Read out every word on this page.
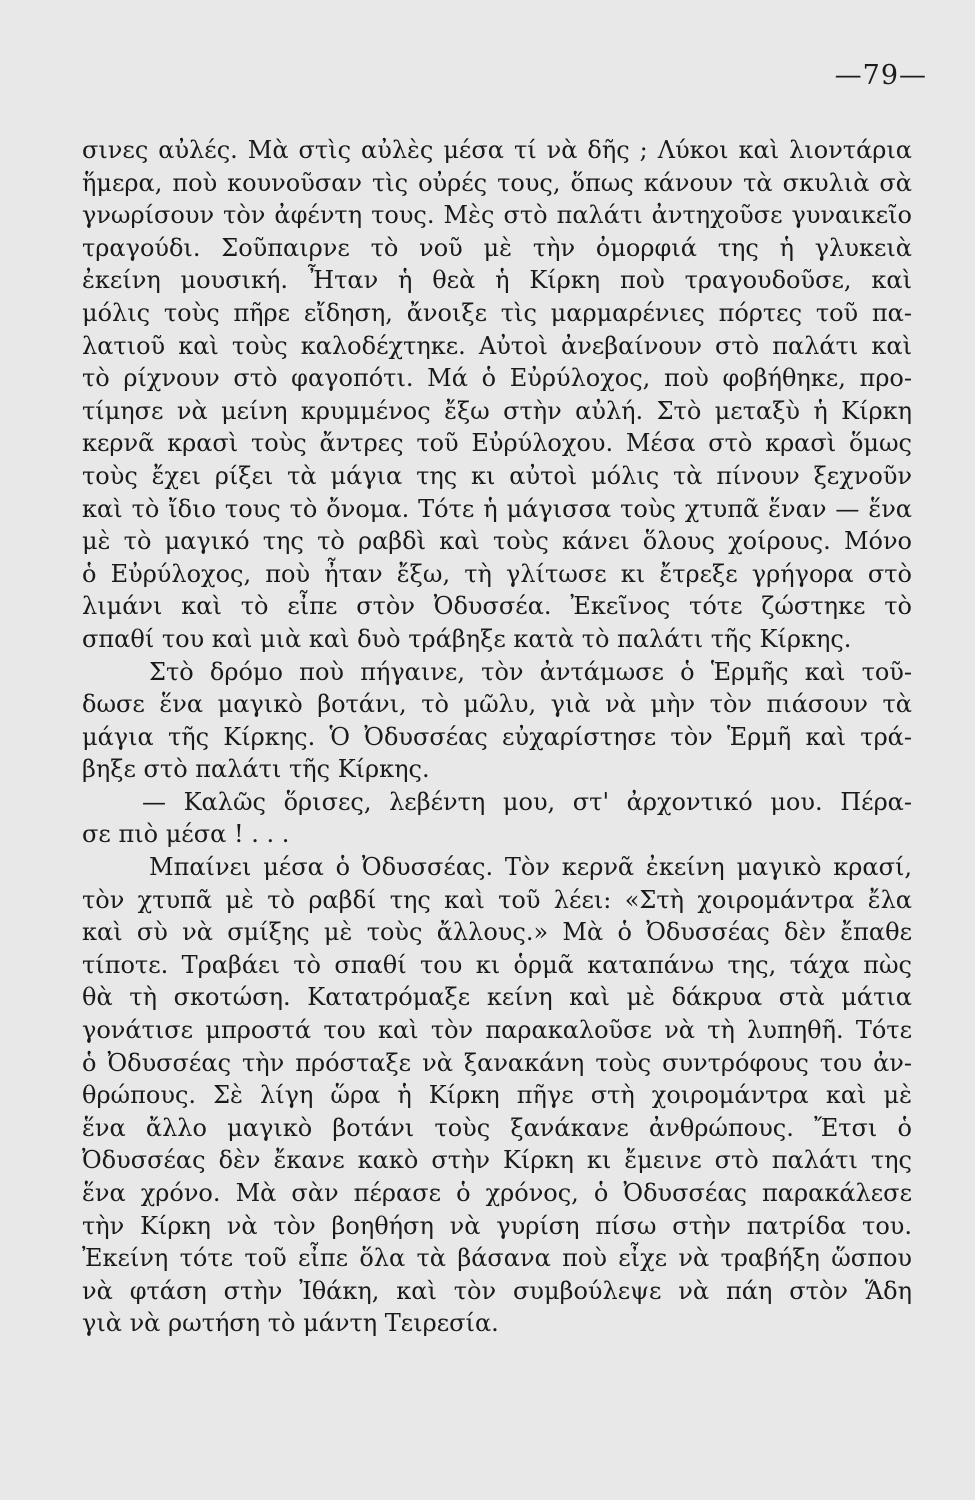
—79—
σινες αὐλές. Μὰ στὶς αὐλὲς μέσα τί νὰ δῆς ; Λύκοι καὶ λιοντάρια
ἥμερα, ποὺ κουνοῦσαν τὶς οὐρές τους, ὅπως κάνουν τὰ σκυλιὰ σὰ
γνωρίσουν τὸν ἀφέντη τους. Μὲς στὸ παλάτι ἀντηχοῦσε γυναικεῖο
τραγούδι. Σοῦπαιρνε τὸ νοῦ μὲ τὴν ὀμορφιά της ἡ γλυκειὰ
ἐκείνη μουσική. Ἦταν ἡ θεὰ ἡ Κίρκη ποὺ τραγουδοῦσε, καὶ
μόλις τοὺς πῆρε εἴδηση, ἄνοιξε τὶς μαρμαρένιες πόρτες τοῦ πα-
λατιοῦ καὶ τοὺς καλοδέχτηκε. Αὐτοὶ ἀνεβαίνουν στὸ παλάτι καὶ
τὸ ρίχνουν στὸ φαγοπότι. Μά ὁ Εὐρύλοχος, ποὺ φοβήθηκε, προ-
τίμησε νὰ μείνη κρυμμένος ἔξω στὴν αὐλή. Στὸ μεταξὺ ἡ Κίρκη
κερνᾶ κρασὶ τοὺς ἄντρες τοῦ Εὐρύλοχου. Μέσα στὸ κρασὶ ὅμως
τοὺς ἔχει ρίξει τὰ μάγια της κι αὐτοὶ μόλις τὰ πίνουν ξεχνοῦν
καὶ τὸ ἴδιο τους τὸ ὄνομα. Τότε ἡ μάγισσα τοὺς χτυπᾶ ἕναν — ἕνα
μὲ τὸ μαγικό της τὸ ραβδὶ καὶ τοὺς κάνει ὅλους χοίρους. Μόνο
ὁ Εὐρύλοχος, ποὺ ἦταν ἔξω, τὴ γλίτωσε κι ἔτρεξε γρήγορα στὸ
λιμάνι καὶ τὸ εἶπε στὸν Ὀδυσσέα. Ἐκεῖνος τότε ζώστηκε τὸ
σπαθί του καὶ μιὰ καὶ δυὸ τράβηξε κατὰ τὸ παλάτι τῆς Κίρκης.
Στὸ δρόμο ποὺ πήγαινε, τὸν ἀντάμωσε ὁ Ἑρμῆς καὶ τοῦ-
δωσε ἕνα μαγικὸ βοτάνι, τὸ μῶλυ, γιὰ νὰ μὴν τὸν πιάσουν τὰ
μάγια τῆς Κίρκης. Ὁ Ὀδυσσέας εὐχαρίστησε τὸν Ἑρμῆ καὶ τρά-
βηξε στὸ παλάτι τῆς Κίρκης.
— Καλῶς ὅρισες, λεβέντη μου, στ' ἀρχοντικό μου. Πέρα-
σε πιὸ μέσα ! . . .
Μπαίνει μέσα ὁ Ὀδυσσέας. Τὸν κερνᾶ ἐκείνη μαγικὸ κρασί,
τὸν χτυπᾶ μὲ τὸ ραβδί της καὶ τοῦ λέει: «Στὴ χοιρομάντρα ἔλα
καὶ σὺ νὰ σμίξης μὲ τοὺς ἄλλους.» Μὰ ὁ Ὀδυσσέας δὲν ἔπαθε
τίποτε. Τραβάει τὸ σπαθί του κι ὁρμᾶ καταπάνω της, τάχα πὼς
θὰ τὴ σκοτώση. Κατατρόμαξε κείνη καὶ μὲ δάκρυα στὰ μάτια
γονάτισε μπροστά του καὶ τὸν παρακαλοῦσε νὰ τὴ λυπηθῆ. Τότε
ὁ Ὀδυσσέας τὴν πρόσταξε νὰ ξανακάνη τοὺς συντρόφους του ἀν-
θρώπους. Σὲ λίγη ὥρα ἡ Κίρκη πῆγε στὴ χοιρομάντρα καὶ μὲ
ἕνα ἄλλο μαγικὸ βοτάνι τοὺς ξανάκανε ἀνθρώπους. Ἔτσι ὁ
Ὀδυσσέας δὲν ἔκανε κακὸ στὴν Κίρκη κι ἔμεινε στὸ παλάτι της
ἕνα χρόνο. Μὰ σὰν πέρασε ὁ χρόνος, ὁ Ὀδυσσέας παρακάλεσε
τὴν Κίρκη νὰ τὸν βοηθήση νὰ γυρίση πίσω στὴν πατρίδα του.
Ἐκείνη τότε τοῦ εἶπε ὅλα τὰ βάσανα ποὺ εἶχε νὰ τραβήξη ὥσπου
νὰ φτάση στὴν Ἰθάκη, καὶ τὸν συμβούλεψε νὰ πάη στὸν Ἅδη
γιὰ νὰ ρωτήση τὸ μάντη Τειρεσία.
